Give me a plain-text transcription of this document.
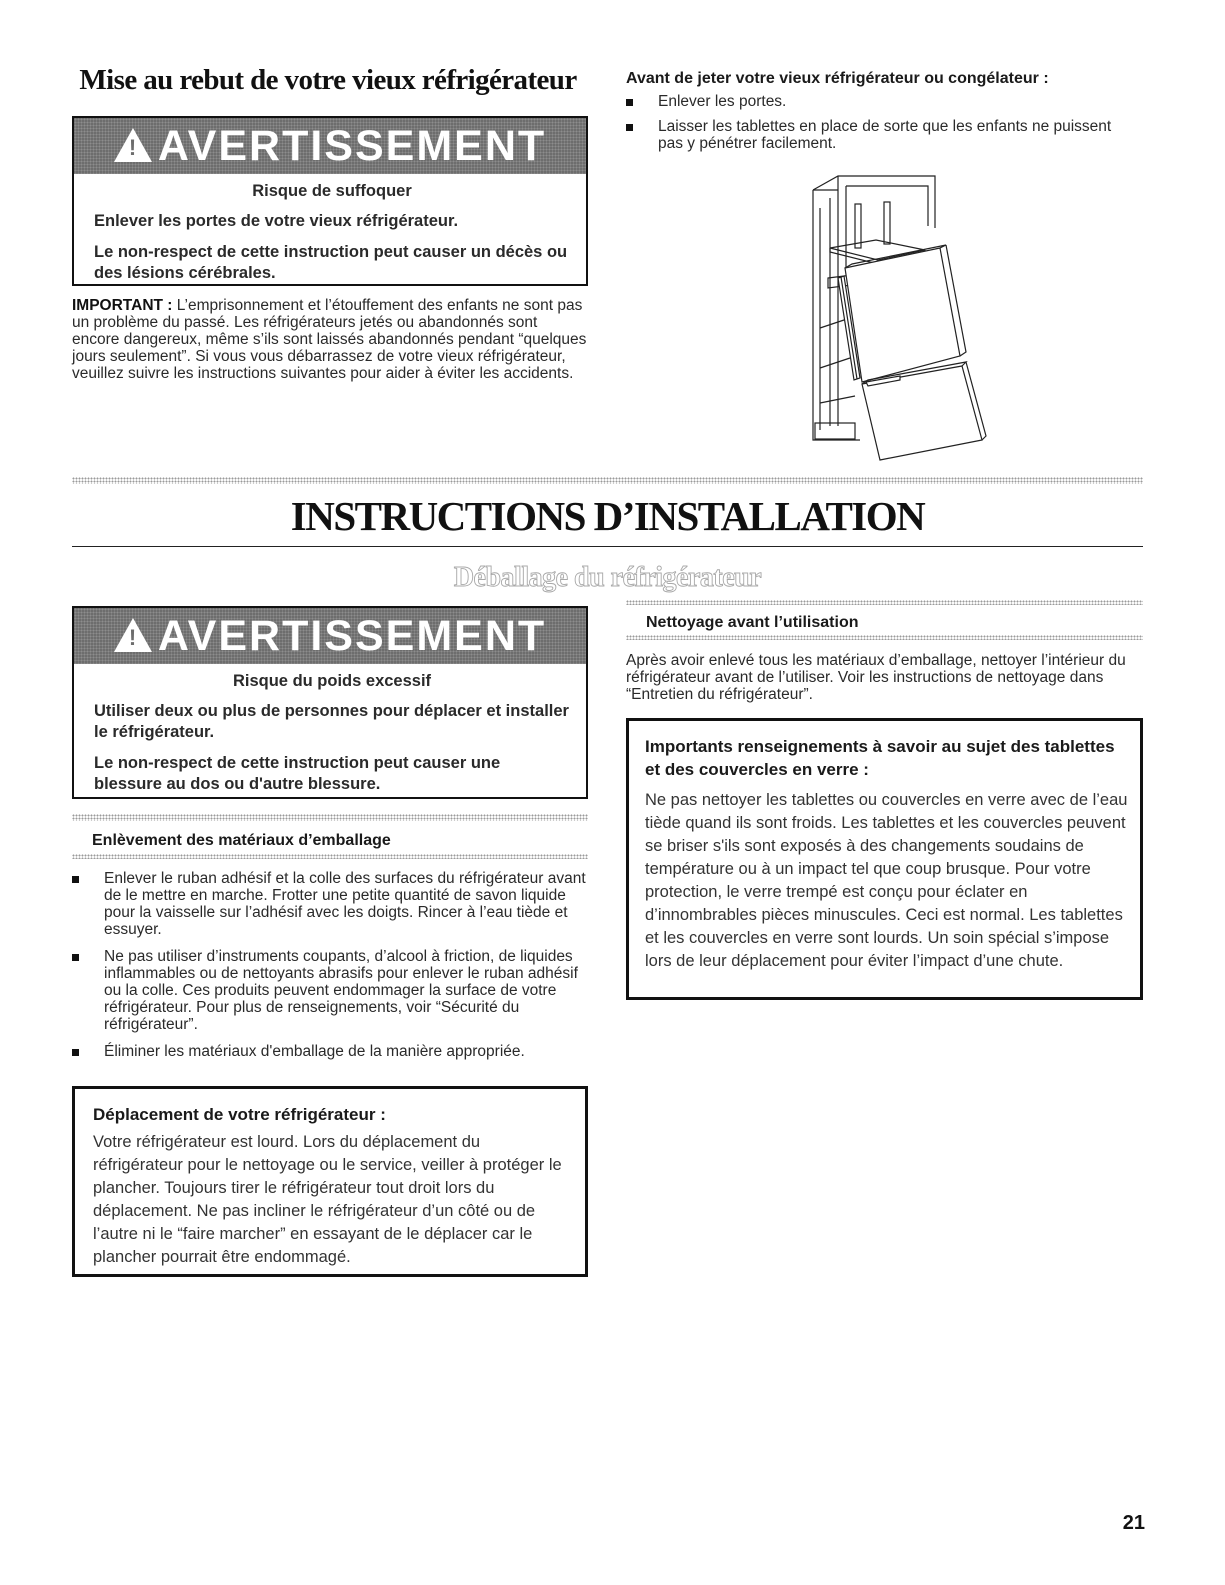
Mise au rebut de votre vieux réfrigérateur
!
AVERTISSEMENT
Risque de suffoquer
Enlever les portes de votre vieux réfrigérateur.
Le non-respect de cette instruction peut causer un décès ou des lésions cérébrales.
IMPORTANT : L’emprisonnement et l’étouffement des enfants ne sont pas un problème du passé. Les réfrigérateurs jetés ou abandonnés sont encore dangereux, même s’ils sont laissés abandonnés pendant “quelques jours seulement”. Si vous vous débarrassez de votre vieux réfrigérateur, veuillez suivre les instructions suivantes pour aider à éviter les accidents.
Avant de jeter votre vieux réfrigérateur ou congélateur :
Enlever les portes.
Laisser les tablettes en place de sorte que les enfants ne puissent pas y pénétrer facilement.
INSTRUCTIONS D’INSTALLATION
Déballage du réfrigérateur
!
AVERTISSEMENT
Risque du poids excessif
Utiliser deux ou plus de personnes pour déplacer et installer le réfrigérateur.
Le non-respect de cette instruction peut causer une blessure au dos ou d'autre blessure.
Enlèvement des matériaux d’emballage
Enlever le ruban adhésif et la colle des surfaces du réfrigérateur avant de le mettre en marche. Frotter une petite quantité de savon liquide pour la vaisselle sur l’adhésif avec les doigts. Rincer à l’eau tiède et essuyer.
Ne pas utiliser d’instruments coupants, d’alcool à friction, de liquides inflammables ou de nettoyants abrasifs pour enlever le ruban adhésif ou la colle. Ces produits peuvent endommager la surface de votre réfrigérateur. Pour plus de renseignements, voir “Sécurité du réfrigérateur”.
Éliminer les matériaux d'emballage de la manière appropriée.
Déplacement de votre réfrigérateur :
Votre réfrigérateur est lourd. Lors du déplacement du réfrigérateur pour le nettoyage ou le service, veiller à protéger le plancher. Toujours tirer le réfrigérateur tout droit lors du déplacement. Ne pas incliner le réfrigérateur d’un côté ou de l’autre ni le “faire marcher” en essayant de le déplacer car le plancher pourrait être endommagé.
Nettoyage avant l’utilisation
Après avoir enlevé tous les matériaux d’emballage, nettoyer l’intérieur du réfrigérateur avant de l’utiliser. Voir les instructions de nettoyage dans “Entretien du réfrigérateur”.
Importants renseignements à savoir au sujet des tablettes et des couvercles en verre :
Ne pas nettoyer les tablettes ou couvercles en verre avec de l’eau tiède quand ils sont froids. Les tablettes et les couvercles peuvent se briser s'ils sont exposés à des changements soudains de température ou à un impact tel que coup brusque. Pour votre protection, le verre trempé est conçu pour éclater en d’innombrables pièces minuscules. Ceci est normal. Les tablettes et les couvercles en verre sont lourds. Un soin spécial s’impose lors de leur déplacement pour éviter l’impact d’une chute.
21
